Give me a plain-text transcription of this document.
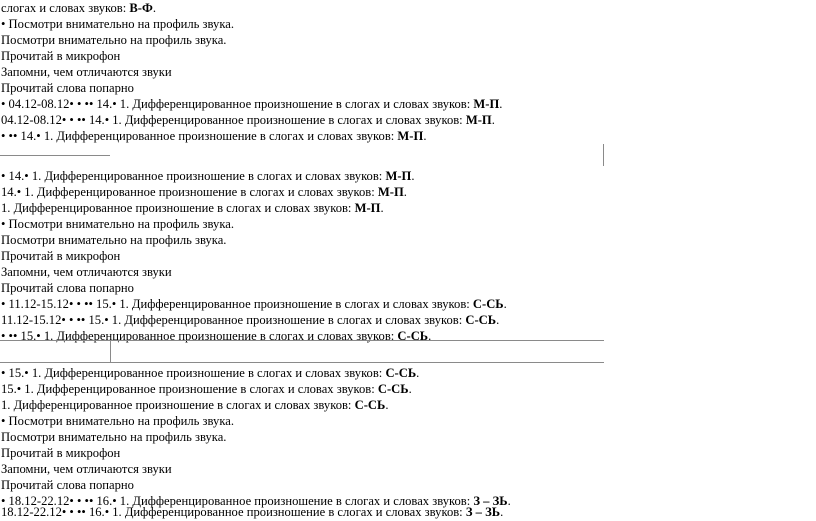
слогах и словах звуков: В-Ф.
• Посмотри внимательно на профиль звука.
Посмотри внимательно на профиль звука.
Прочитай в микрофон
Запомни, чем отличаются звуки
Прочитай слова попарно
• 04.12-08.12• • •• 14.• 1. Дифференцированное произношение в слогах и словах звуков: М-П.
04.12-08.12• • •• 14.• 1. Дифференцированное произношение в слогах и словах звуков: М-П.
• •• 14.• 1. Дифференцированное произношение в слогах и словах звуков: М-П.
• 14.• 1. Дифференцированное произношение в слогах и словах звуков: М-П.
14.• 1. Дифференцированное произношение в слогах и словах звуков: М-П.
1. Дифференцированное произношение в слогах и словах звуков: М-П.
• Посмотри внимательно на профиль звука.
Посмотри внимательно на профиль звука.
Прочитай в микрофон
Запомни, чем отличаются звуки
Прочитай слова попарно
• 11.12-15.12• • •• 15.• 1. Дифференцированное произношение в слогах и словах звуков: С-СЬ.
11.12-15.12• • •• 15.• 1. Дифференцированное произношение в слогах и словах звуков: С-СЬ.
• •• 15.• 1. Дифференцированное произношение в слогах и словах звуков: С-СЬ.
• 15.• 1. Дифференцированное произношение в слогах и словах звуков: С-СЬ.
15.• 1. Дифференцированное произношение в слогах и словах звуков: С-СЬ.
1. Дифференцированное произношение в слогах и словах звуков: С-СЬ.
• Посмотри внимательно на профиль звука.
Посмотри внимательно на профиль звука.
Прочитай в микрофон
Запомни, чем отличаются звуки
Прочитай слова попарно
• 18.12-22.12• • •• 16.• 1. Дифференцированное произношение в слогах и словах звуков: З – ЗЬ.
18.12-22.12• • •• 16.• 1. Дифференцированное произношение в слогах и словах звуков: З – ЗЬ.
